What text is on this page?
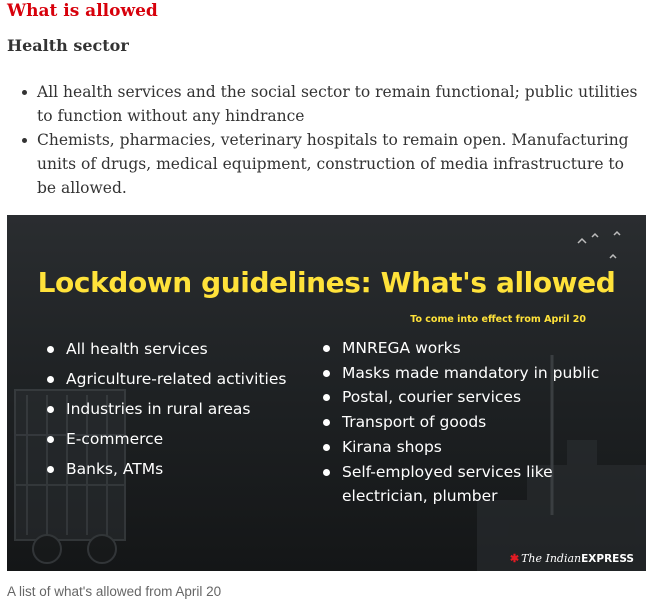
What is allowed
Health sector
All health services and the social sector to remain functional; public utilities to function without any hindrance
Chemists, pharmacies, veterinary hospitals to remain open. Manufacturing units of drugs, medical equipment, construction of media infrastructure to be allowed.
Lockdown guidelines: What's allowed
To come into effect from April 20
All health services
Agriculture-related activities
Industries in rural areas
E-commerce
Banks, ATMs
MNREGA works
Masks made mandatory in public
Postal, courier services
Transport of goods
Kirana shops
Self-employed services like
electrician, plumber
✱ The IndianEXPRESS
A list of what's allowed from April 20
